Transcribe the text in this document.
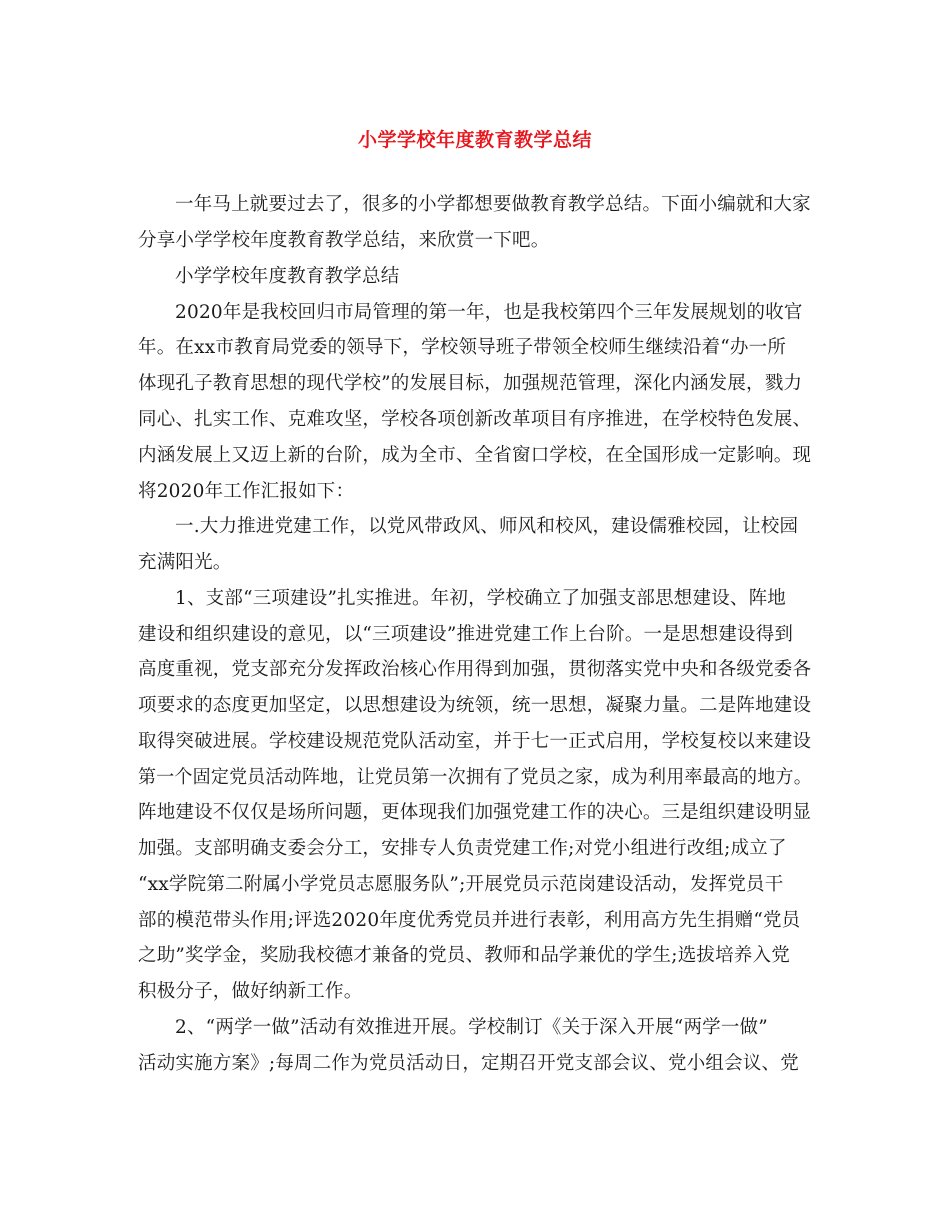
小学学校年度教育教学总结
一年马上就要过去了，很多的小学都想要做教育教学总结。下面小编就和大家
分享小学学校年度教育教学总结，来欣赏一下吧。
小学学校年度教育教学总结
2020年是我校回归市局管理的第一年，也是我校第四个三年发展规划的收官
年。在xx市教育局党委的领导下，学校领导班子带领全校师生继续沿着“办一所
体现孔子教育思想的现代学校”的发展目标，加强规范管理，深化内涵发展，戮力
同心、扎实工作、克难攻坚，学校各项创新改革项目有序推进，在学校特色发展、
内涵发展上又迈上新的台阶，成为全市、全省窗口学校，在全国形成一定影响。现
将2020年工作汇报如下：
一.大力推进党建工作，以党风带政风、师风和校风，建设儒雅校园，让校园
充满阳光。
1、支部“三项建设”扎实推进。年初，学校确立了加强支部思想建设、阵地
建设和组织建设的意见，以“三项建设”推进党建工作上台阶。一是思想建设得到
高度重视，党支部充分发挥政治核心作用得到加强，贯彻落实党中央和各级党委各
项要求的态度更加坚定，以思想建设为统领，统一思想，凝聚力量。二是阵地建设
取得突破进展。学校建设规范党队活动室，并于七一正式启用，学校复校以来建设
第一个固定党员活动阵地，让党员第一次拥有了党员之家，成为利用率最高的地方。
阵地建设不仅仅是场所问题，更体现我们加强党建工作的决心。三是组织建设明显
加强。支部明确支委会分工，安排专人负责党建工作;对党小组进行改组;成立了
“xx学院第二附属小学党员志愿服务队”;开展党员示范岗建设活动，发挥党员干
部的模范带头作用;评选2020年度优秀党员并进行表彰，利用高方先生捐赠“党员
之助”奖学金，奖励我校德才兼备的党员、教师和品学兼优的学生;选拔培养入党
积极分子，做好纳新工作。
2、“两学一做”活动有效推进开展。学校制订《关于深入开展“两学一做”
活动实施方案》;每周二作为党员活动日，定期召开党支部会议、党小组会议、党
